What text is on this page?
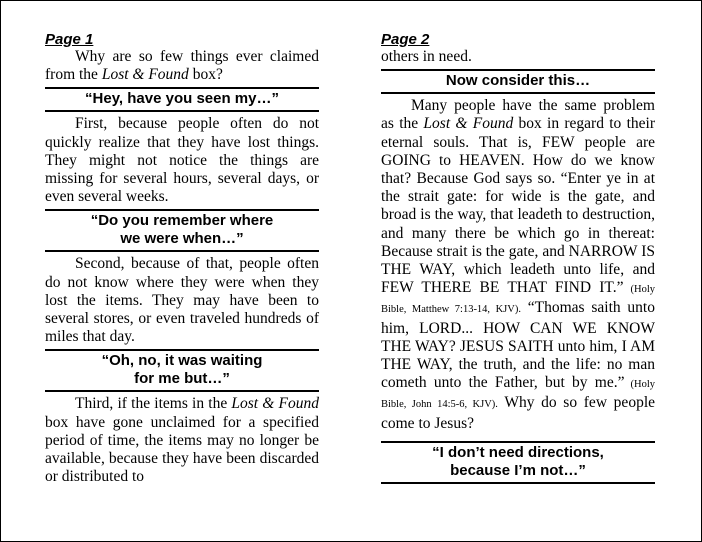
Page 1

Why are so few things ever claimed from the Lost & Found box?

“Hey, have you seen my…”

First, because people often do not quickly realize that they have lost things. They might not notice the things are missing for several hours, several days, or even several weeks.

“Do you remember where
we were when…”

Second, because of that, people often do not know where they were when they lost the items. They may have been to several stores, or even traveled hundreds of miles that day.

“Oh, no, it was waiting
for me but…”

Third, if the items in the Lost & Found box have gone unclaimed for a specified period of time, the items may no longer be available, because they have been discarded or distributed to

Page 2

others in need.

Now consider this…

Many people have the same problem as the Lost & Found box in regard to their eternal souls. That is, FEW people are GOING to HEAVEN. How do we know that? Because God says so. “Enter ye in at the strait gate: for wide is the gate, and broad is the way, that leadeth to destruction, and many there be which go in thereat: Because strait is the gate, and NARROW IS THE WAY, which leadeth unto life, and FEW THERE BE THAT FIND IT.” (Holy Bible, Matthew 7:13-14, KJV). “Thomas saith unto him, LORD... HOW CAN WE KNOW THE WAY? JESUS SAITH unto him, I AM THE WAY, the truth, and the life: no man cometh unto the Father, but by me.” (Holy Bible, John 14:5-6, KJV). Why do so few people come to Jesus?

“I don’t need directions,
because I’m not…”
